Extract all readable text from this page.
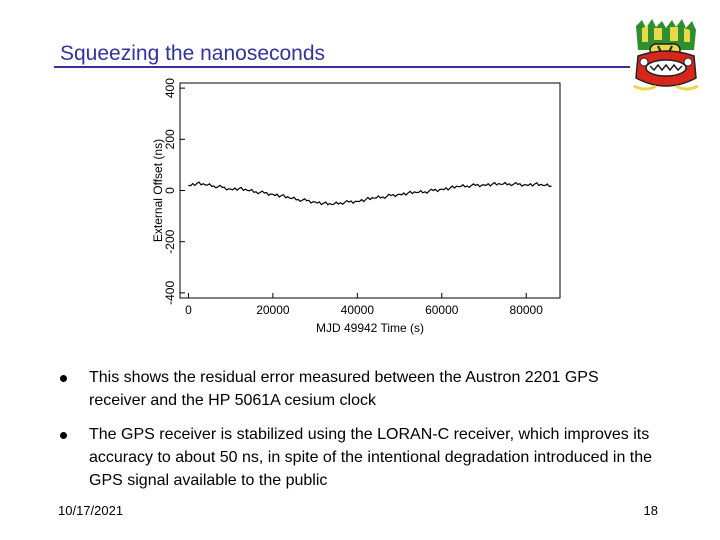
Squeezing the nanoseconds
0	20000	40000	60000	80000
-400
-200
0
200
400
MJD 49942 Time (s)
External Offset (ns)
This shows the residual error measured between the Austron 2201 GPS receiver and the HP 5061A cesium clock
The GPS receiver is stabilized using the LORAN-C receiver, which improves its accuracy to about 50 ns, in spite of the intentional degradation introduced in the GPS signal available to the public
10/17/2021	18
